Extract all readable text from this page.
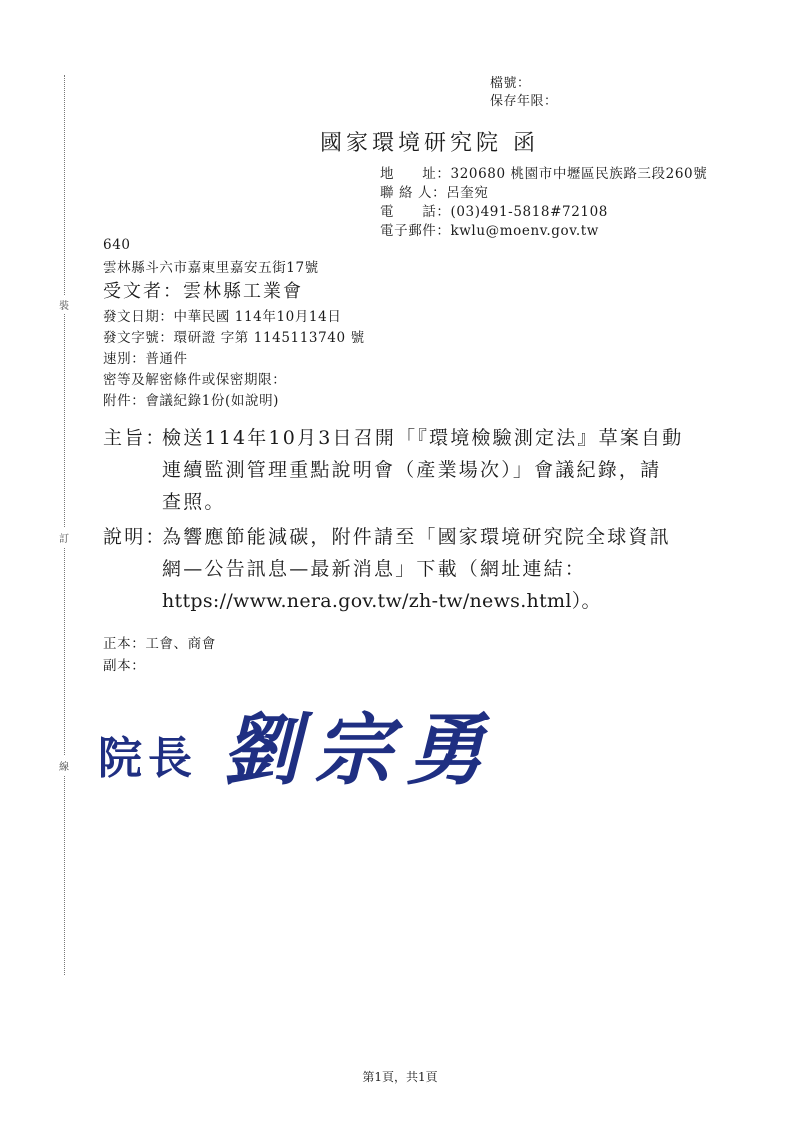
裝
訂
線
檔號：
保存年限：
國家環境研究院 函
地　　址：320680 桃園市中壢區民族路三段260號
聯 絡 人：呂奎宛
電　　話：(03)491-5818#72108
電子郵件：kwlu@moenv.gov.tw
640
雲林縣斗六市嘉東里嘉安五街17號
受文者：雲林縣工業會
發文日期：中華民國 114年10月14日
發文字號：環研證 字第 1145113740 號
速別：普通件
密等及解密條件或保密期限：
附件：會議紀錄1份(如說明)
主旨：
檢送114年10月3日召開「『環境檢驗測定法』草案自動
連續監測管理重點說明會（產業場次）」會議紀錄，請
查照。
說明：
為響應節能減碳，附件請至「國家環境研究院全球資訊
網—公告訊息—最新消息」下載（網址連結：
https://www.nera.gov.tw/zh-tw/news.html）。
正本：工會、商會
副本：
院長 劉宗勇
第1頁，共1頁
